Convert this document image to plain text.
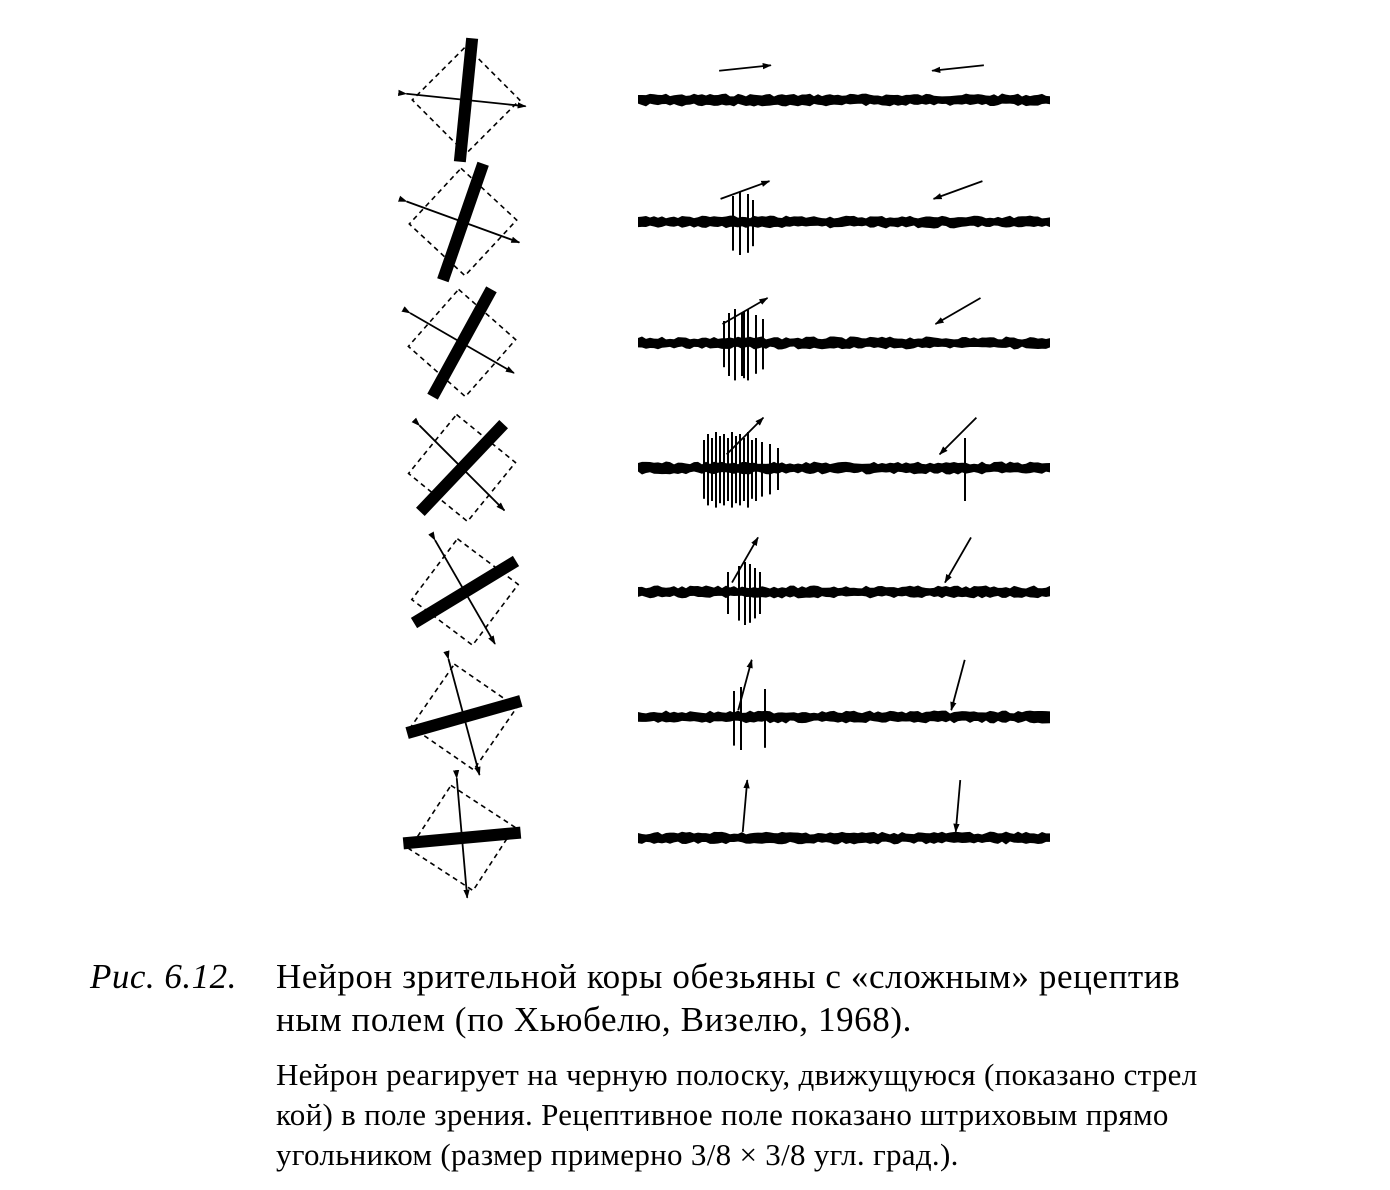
Рис. 6.12. Нейрон зрительной коры обезьяны с «сложным» рецептив
ным полем (по Хьюбелю, Визелю, 1968).
Нейрон реагирует на черную полоску, движущуюся (показано стрел
кой) в поле зрения. Рецептивное поле показано штриховым прямо
угольником (размер примерно 3/8 × 3/8 угл. град.).
